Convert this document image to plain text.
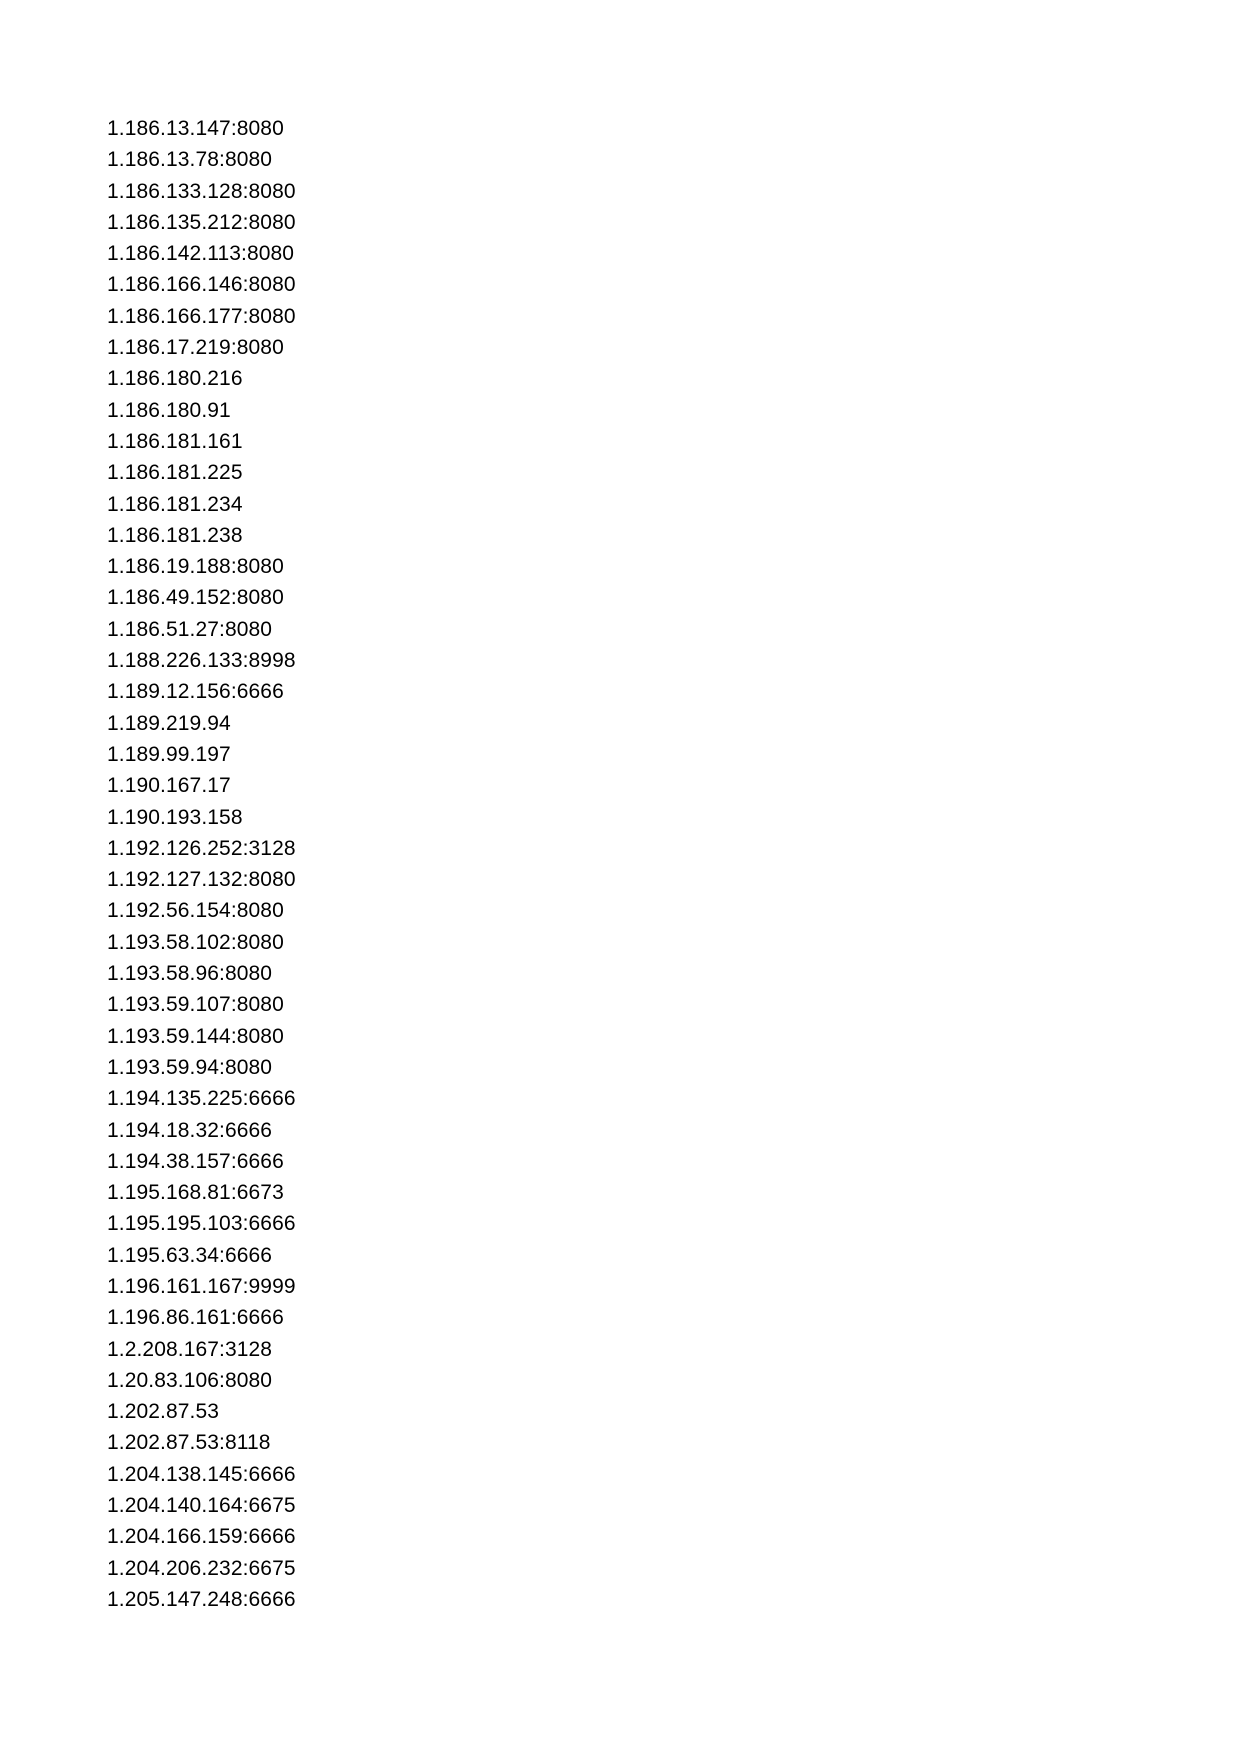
1.186.13.147:8080
1.186.13.78:8080
1.186.133.128:8080
1.186.135.212:8080
1.186.142.113:8080
1.186.166.146:8080
1.186.166.177:8080
1.186.17.219:8080
1.186.180.216
1.186.180.91
1.186.181.161
1.186.181.225
1.186.181.234
1.186.181.238
1.186.19.188:8080
1.186.49.152:8080
1.186.51.27:8080
1.188.226.133:8998
1.189.12.156:6666
1.189.219.94
1.189.99.197
1.190.167.17
1.190.193.158
1.192.126.252:3128
1.192.127.132:8080
1.192.56.154:8080
1.193.58.102:8080
1.193.58.96:8080
1.193.59.107:8080
1.193.59.144:8080
1.193.59.94:8080
1.194.135.225:6666
1.194.18.32:6666
1.194.38.157:6666
1.195.168.81:6673
1.195.195.103:6666
1.195.63.34:6666
1.196.161.167:9999
1.196.86.161:6666
1.2.208.167:3128
1.20.83.106:8080
1.202.87.53
1.202.87.53:8118
1.204.138.145:6666
1.204.140.164:6675
1.204.166.159:6666
1.204.206.232:6675
1.205.147.248:6666
